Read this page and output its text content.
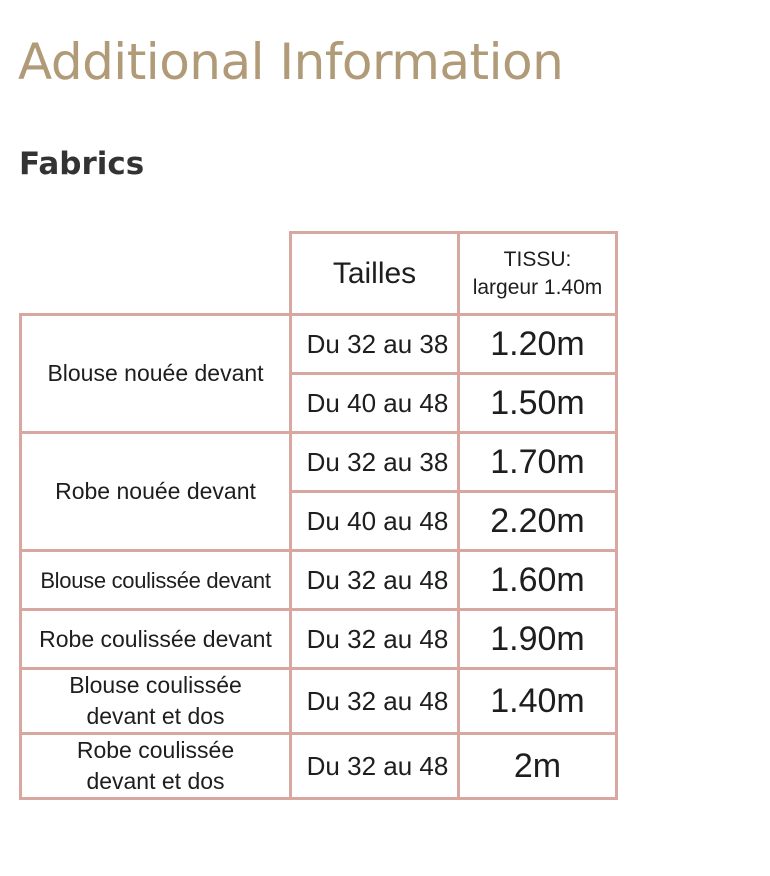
Additional Information
Fabrics
	Tailles	TISSU:
largeur 1.40m
Blouse nouée devant	Du 32 au 38	1.20m
	Du 40 au 48	1.50m
Robe nouée devant	Du 32 au 38	1.70m
	Du 40 au 48	2.20m
Blouse coulissée devant	Du 32 au 48	1.60m
Robe coulissée devant	Du 32 au 48	1.90m
Blouse coulissée
devant et dos	Du 32 au 48	1.40m
Robe coulissée
devant et dos	Du 32 au 48	2m
